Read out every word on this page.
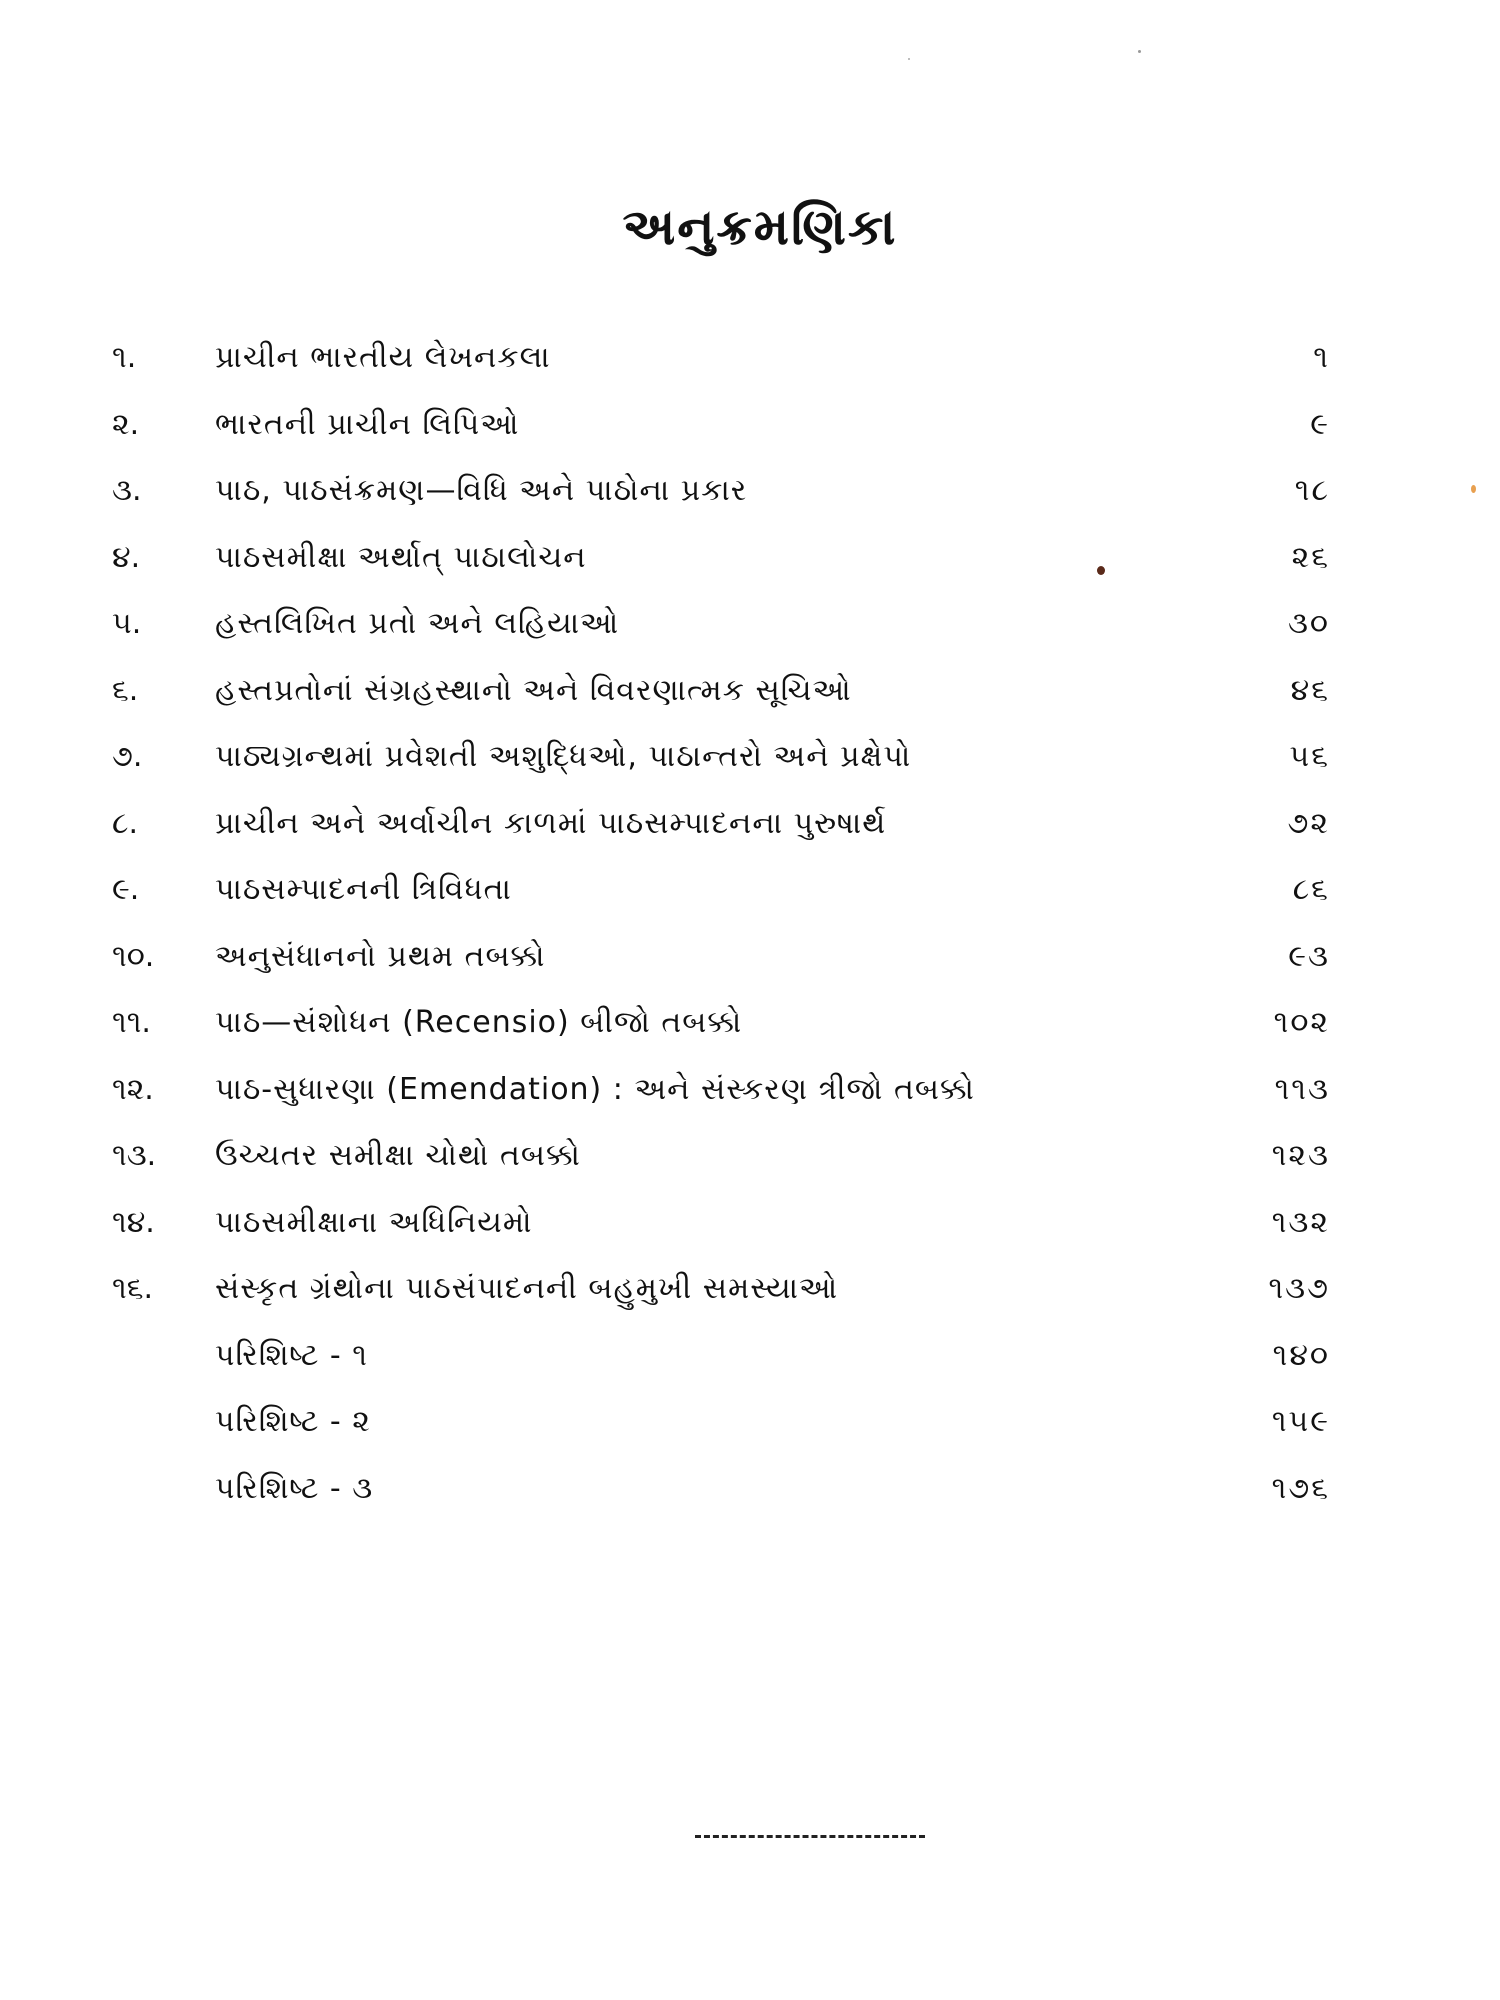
અનુક્રમણિકા
૧.	પ્રાચીન ભારતીય લેખનકલા	૧
૨.	ભારતની પ્રાચીન લિપિઓ	૯
૩.	પાઠ, પાઠસંક્રમણ—વિધિ અને પાઠોના પ્રકાર	૧૮
૪.	પાઠસમીક્ષા અર્થાત્ પાઠાલોચન	૨૬
૫.	હસ્તલિખિત પ્રતો અને લહિયાઓ	૩૦
૬.	હસ્તપ્રતોનાં સંગ્રહસ્થાનો અને વિવરણાત્મક સૂચિઓ	૪૬
૭.	પાઠ્યગ્રન્થમાં પ્રવેશતી અશુદ્ધિઓ, પાઠાન્તરો અને પ્રક્ષેપો	૫૬
૮.	પ્રાચીન અને અર્વાચીન કાળમાં પાઠસમ્પાદનના પુરુષાર્થ	૭૨
૯.	પાઠસમ્પાદનની ત્રિવિધતા	૮૬
૧૦.	અનુસંધાનનો પ્રથમ તબક્કો	૯૩
૧૧.	પાઠ—સંશોધન (Recensio) બીજો તબક્કો	૧૦૨
૧૨.	પાઠ-સુધારણા (Emendation) : અને સંસ્કરણ ત્રીજો તબક્કો	૧૧૩
૧૩.	ઉચ્ચતર સમીક્ષા ચોથો તબક્કો	૧૨૩
૧૪.	પાઠસમીક્ષાના અધિનિયમો	૧૩૨
૧૬.	સંસ્કૃત ગ્રંથોના પાઠસંપાદનની બહુમુખી સમસ્યાઓ	૧૩૭
પરિશિષ્ટ - ૧	૧૪૦
પરિશિષ્ટ - ૨	૧૫૯
પરિશિષ્ટ - ૩	૧૭૬
